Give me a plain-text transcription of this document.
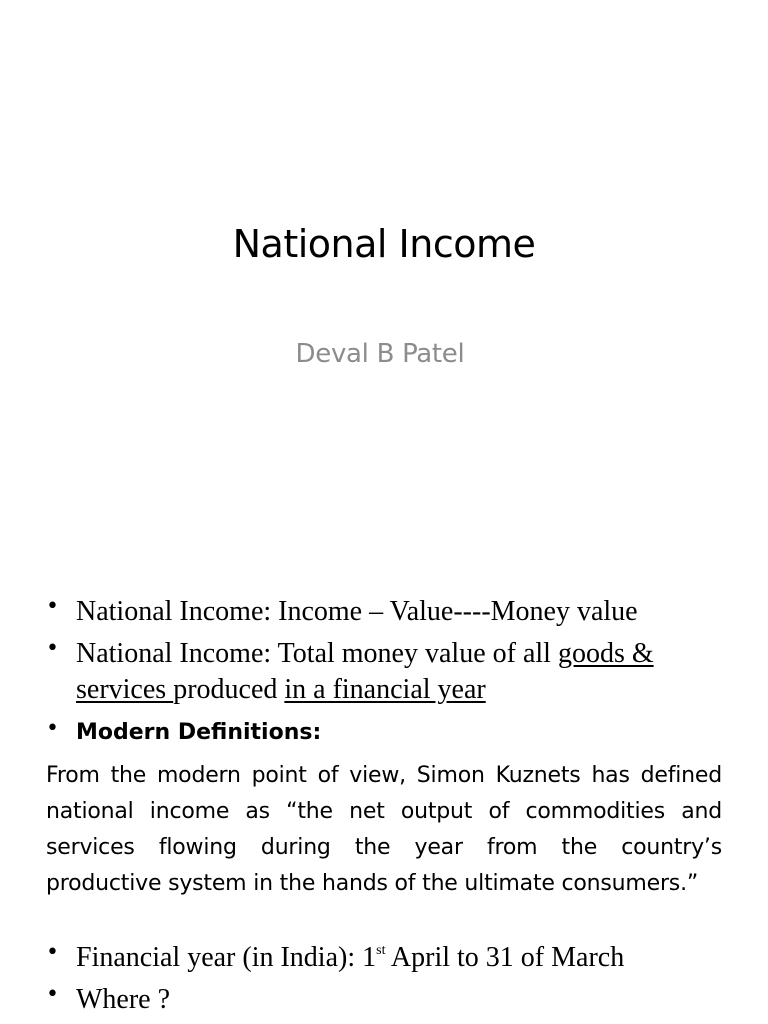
National Income
Deval B Patel
• National Income: Income – Value----Money value
• National Income: Total money value of all goods & services produced in a financial year
• Modern Definitions:

From the modern point of view, Simon Kuznets has defined national income as “the net output of commodities and services flowing during the year from the country’s productive system in the hands of the ultimate consumers.”

• Financial year (in India): 1st April to 31 of March
• Where ?
